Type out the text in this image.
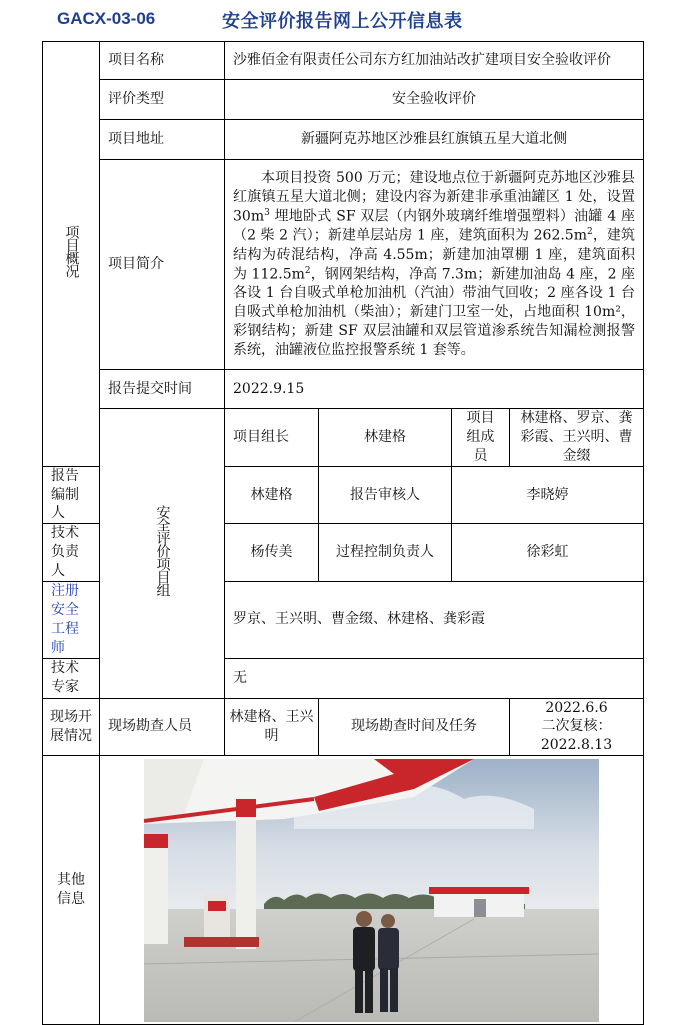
GACX-03-06	安全评价报告网上公开信息表
项目概况	项目名称	沙雅佰金有限责任公司东方红加油站改扩建项目安全验收评价			
	评价类型	安全验收评价			
	项目地址	新疆阿克苏地区沙雅县红旗镇五星大道北侧			
	项目简介	本项目投资 500 万元；建设地点位于新疆阿克苏地区沙雅县红旗镇五星大道北侧；建设内容为新建非承重油罐区 1 处，设置 $30m^3$ 埋地卧式 SF 双层（内钢外玻璃纤维增强塑料）油罐 4 座（2 柴 2 汽）；新建单层站房 1 座，建筑面积为 $262.5m^2$，建筑结构为砖混结构，净高 4.55m；新建加油罩棚 1 座，建筑面积为 $112.5m^2$，钢网架结构，净高 7.3m；新建加油岛 4 座，2 座各设 1 台自吸式单枪加油机（汽油）带油气回收；2 座各设 1 台自吸式单枪加油机（柴油）；新建门卫室一处，占地面积 10m²，彩钢结构；新建 SF 双层油罐和双层管道渗系统告知漏检测报警系统，油罐液位监控报警系统 1 套等。			
	报告提交时间	2022.9.15			
	安全评价项目组	项目组长	林建格	项目组成员	林建格、罗京、龚彩霞、王兴明、曹金缀
报告编制人		林建格	报告审核人	李晓婷	
技术负责人		杨传美	过程控制负责人	徐彩虹	
注册安全工程师		罗京、王兴明、曹金缀、林建格、龚彩霞			
技术专家		无			
现场开展情况	现场勘查人员	林建格、王兴明	现场勘查时间及任务		2022.6.6
二次复核：2022.8.13

其他信息	
